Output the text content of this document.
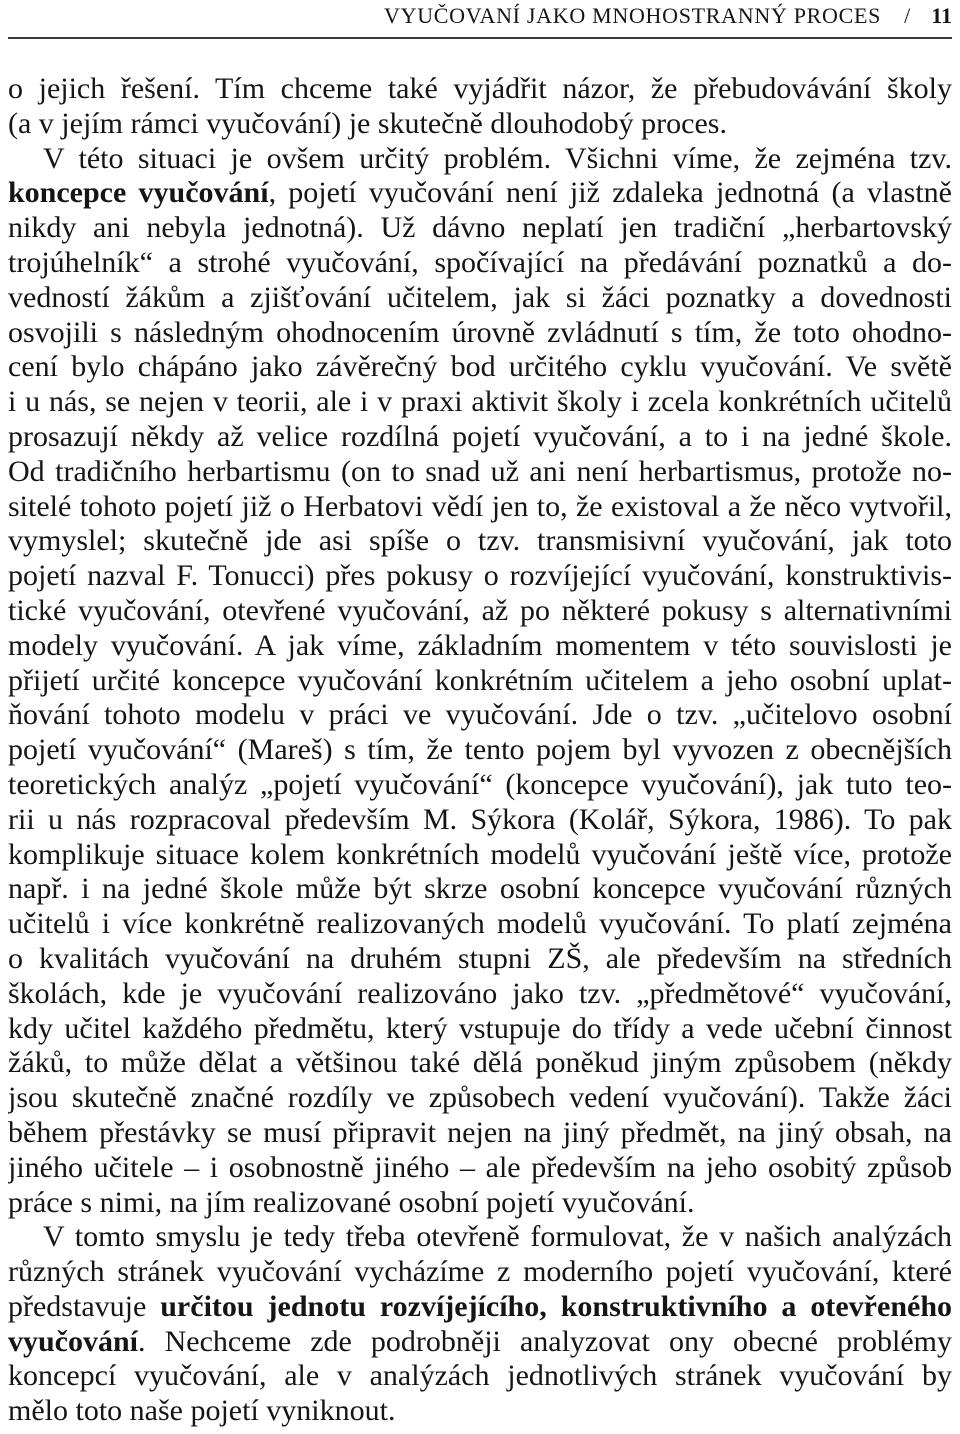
VYUČOVANÍ JAKO MNOHOSTRANNÝ PROCES / 11
o jejich řešení. Tím chceme také vyjádřit názor, že přebudovávání školy
(a v jejím rámci vyučování) je skutečně dlouhodobý proces.
V této situaci je ovšem určitý problém. Všichni víme, že zejména tzv.
koncepce vyučování, pojetí vyučování není již zdaleka jednotná (a vlastně
nikdy ani nebyla jednotná). Už dávno neplatí jen tradiční „herbartovský
trojúhelník“ a strohé vyučování, spočívající na předávání poznatků a do-
vedností žákům a zjišťování učitelem, jak si žáci poznatky a dovednosti
osvojili s následným ohodnocením úrovně zvládnutí s tím, že toto ohodno-
cení bylo chápáno jako závěrečný bod určitého cyklu vyučování. Ve světě
i u nás, se nejen v teorii, ale i v praxi aktivit školy i zcela konkrétních učitelů
prosazují někdy až velice rozdílná pojetí vyučování, a to i na jedné škole.
Od tradičního herbartismu (on to snad už ani není herbartismus, protože no-
sitelé tohoto pojetí již o Herbatovi vědí jen to, že existoval a že něco vytvořil,
vymyslel; skutečně jde asi spíše o tzv. transmisivní vyučování, jak toto
pojetí nazval F. Tonucci) přes pokusy o rozvíjející vyučování, konstruktivis-
tické vyučování, otevřené vyučování, až po některé pokusy s alternativními
modely vyučování. A jak víme, základním momentem v této souvislosti je
přijetí určité koncepce vyučování konkrétním učitelem a jeho osobní uplat-
ňování tohoto modelu v práci ve vyučování. Jde o tzv. „učitelovo osobní
pojetí vyučování“ (Mareš) s tím, že tento pojem byl vyvozen z obecnějších
teoretických analýz „pojetí vyučování“ (koncepce vyučování), jak tuto teo-
rii u nás rozpracoval především M. Sýkora (Kolář, Sýkora, 1986). To pak
komplikuje situace kolem konkrétních modelů vyučování ještě více, protože
např. i na jedné škole může být skrze osobní koncepce vyučování různých
učitelů i více konkrétně realizovaných modelů vyučování. To platí zejména
o kvalitách vyučování na druhém stupni ZŠ, ale především na středních
školách, kde je vyučování realizováno jako tzv. „předmětové“ vyučování,
kdy učitel každého předmětu, který vstupuje do třídy a vede učební činnost
žáků, to může dělat a většinou také dělá poněkud jiným způsobem (někdy
jsou skutečně značné rozdíly ve způsobech vedení vyučování). Takže žáci
během přestávky se musí připravit nejen na jiný předmět, na jiný obsah, na
jiného učitele – i osobnostně jiného – ale především na jeho osobitý způsob
práce s nimi, na jím realizované osobní pojetí vyučování.
V tomto smyslu je tedy třeba otevřeně formulovat, že v našich analýzách
různých stránek vyučování vycházíme z moderního pojetí vyučování, které
představuje určitou jednotu rozvíjejícího, konstruktivního a otevřeného
vyučování. Nechceme zde podrobněji analyzovat ony obecné problémy
koncepcí vyučování, ale v analýzách jednotlivých stránek vyučování by
mělo toto naše pojetí vyniknout.
